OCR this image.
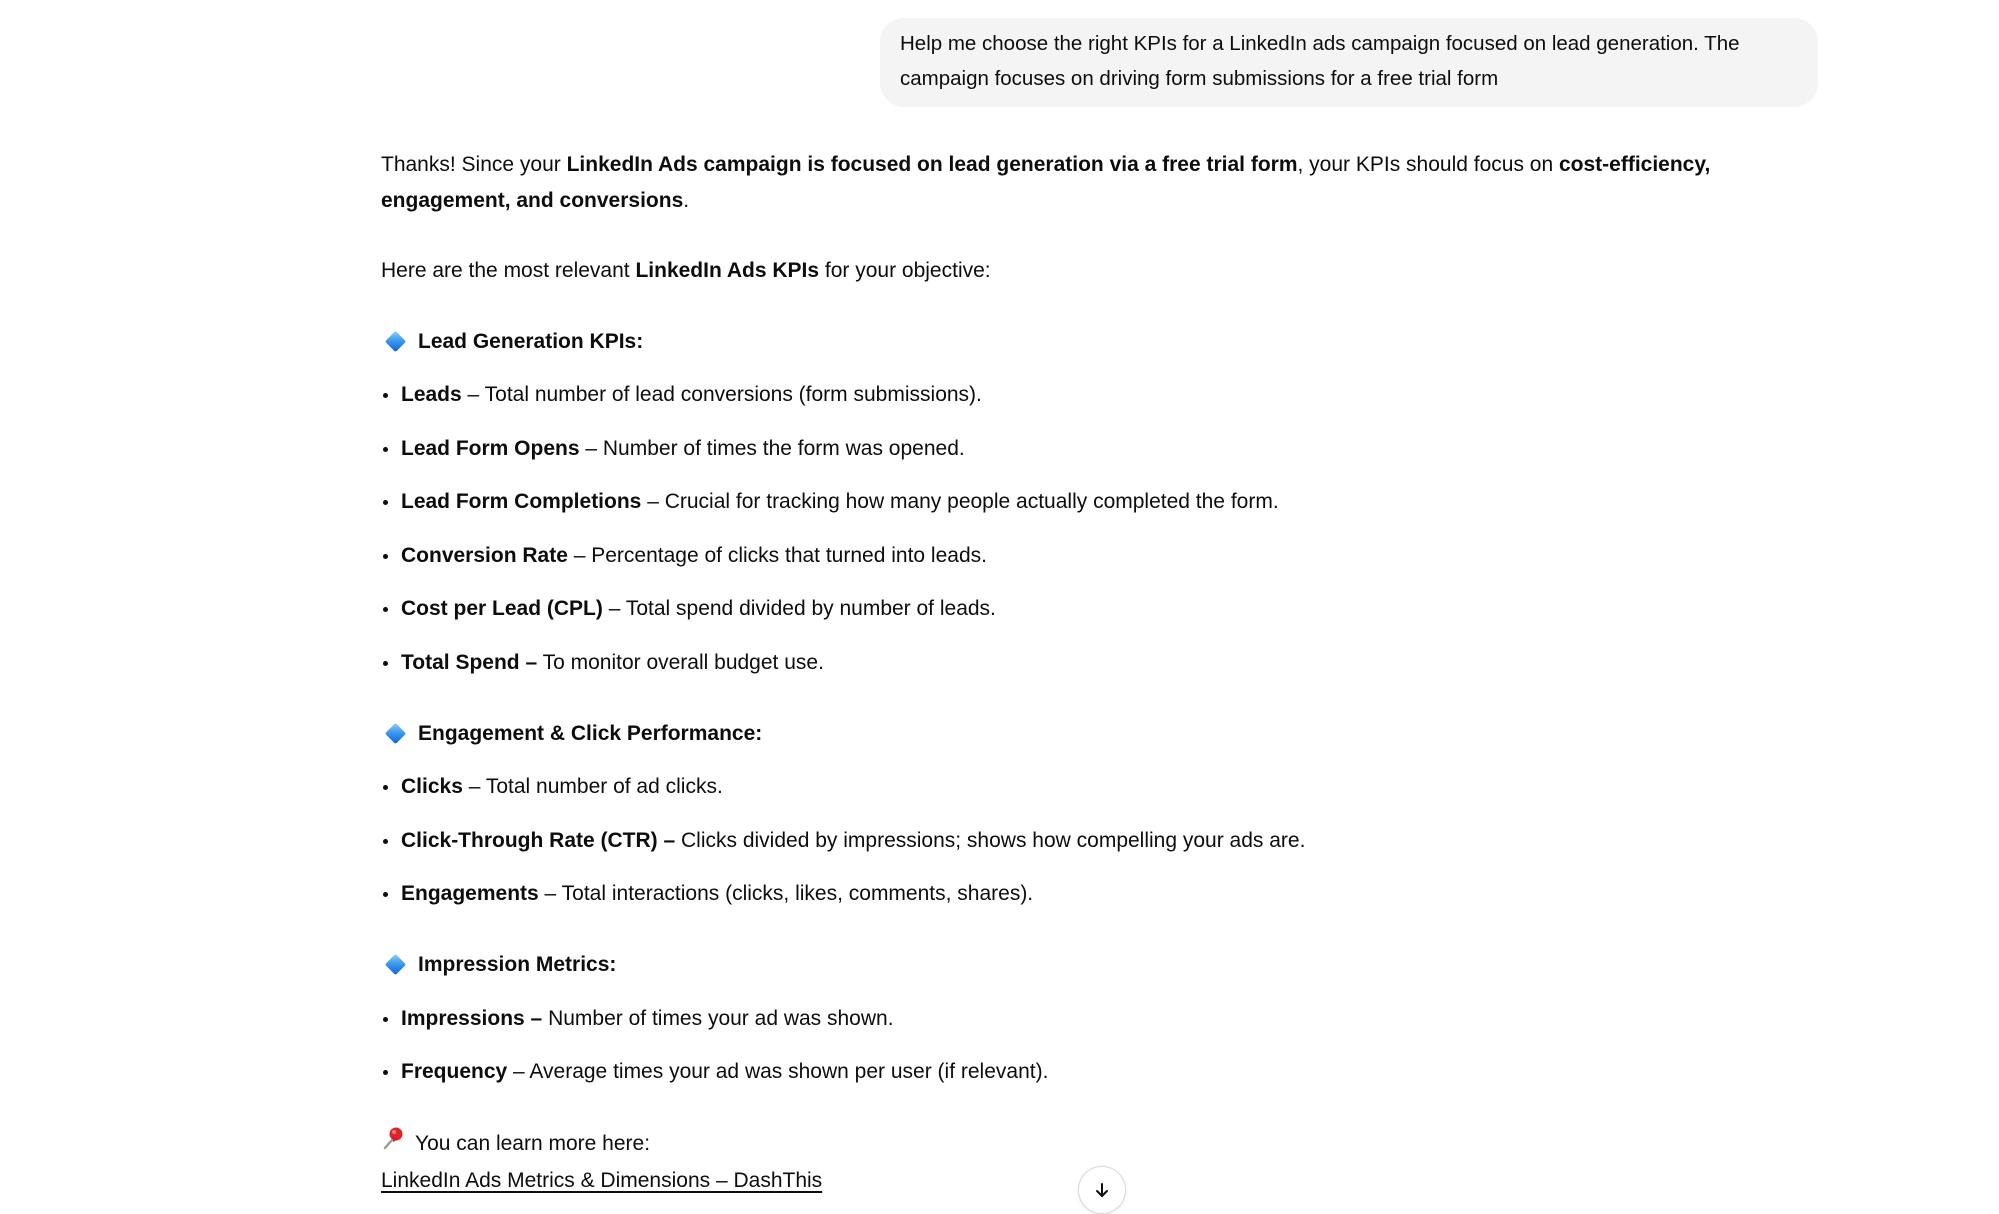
Help me choose the right KPIs for a LinkedIn ads campaign focused on lead generation. The campaign focuses on driving form submissions for a free trial form

Thanks! Since your LinkedIn Ads campaign is focused on lead generation via a free trial form, your KPIs should focus on cost-efficiency, engagement, and conversions.

Here are the most relevant LinkedIn Ads KPIs for your objective:

Lead Generation KPIs:
Leads – Total number of lead conversions (form submissions).
Lead Form Opens – Number of times the form was opened.
Lead Form Completions – Crucial for tracking how many people actually completed the form.
Conversion Rate – Percentage of clicks that turned into leads.
Cost per Lead (CPL) – Total spend divided by number of leads.
Total Spend – To monitor overall budget use.
Engagement & Click Performance:
Clicks – Total number of ad clicks.
Click-Through Rate (CTR) – Clicks divided by impressions; shows how compelling your ads are.
Engagements – Total interactions (clicks, likes, comments, shares).
Impression Metrics:
Impressions – Number of times your ad was shown.
Frequency – Average times your ad was shown per user (if relevant).
You can learn more here:
LinkedIn Ads Metrics & Dimensions – DashThis
